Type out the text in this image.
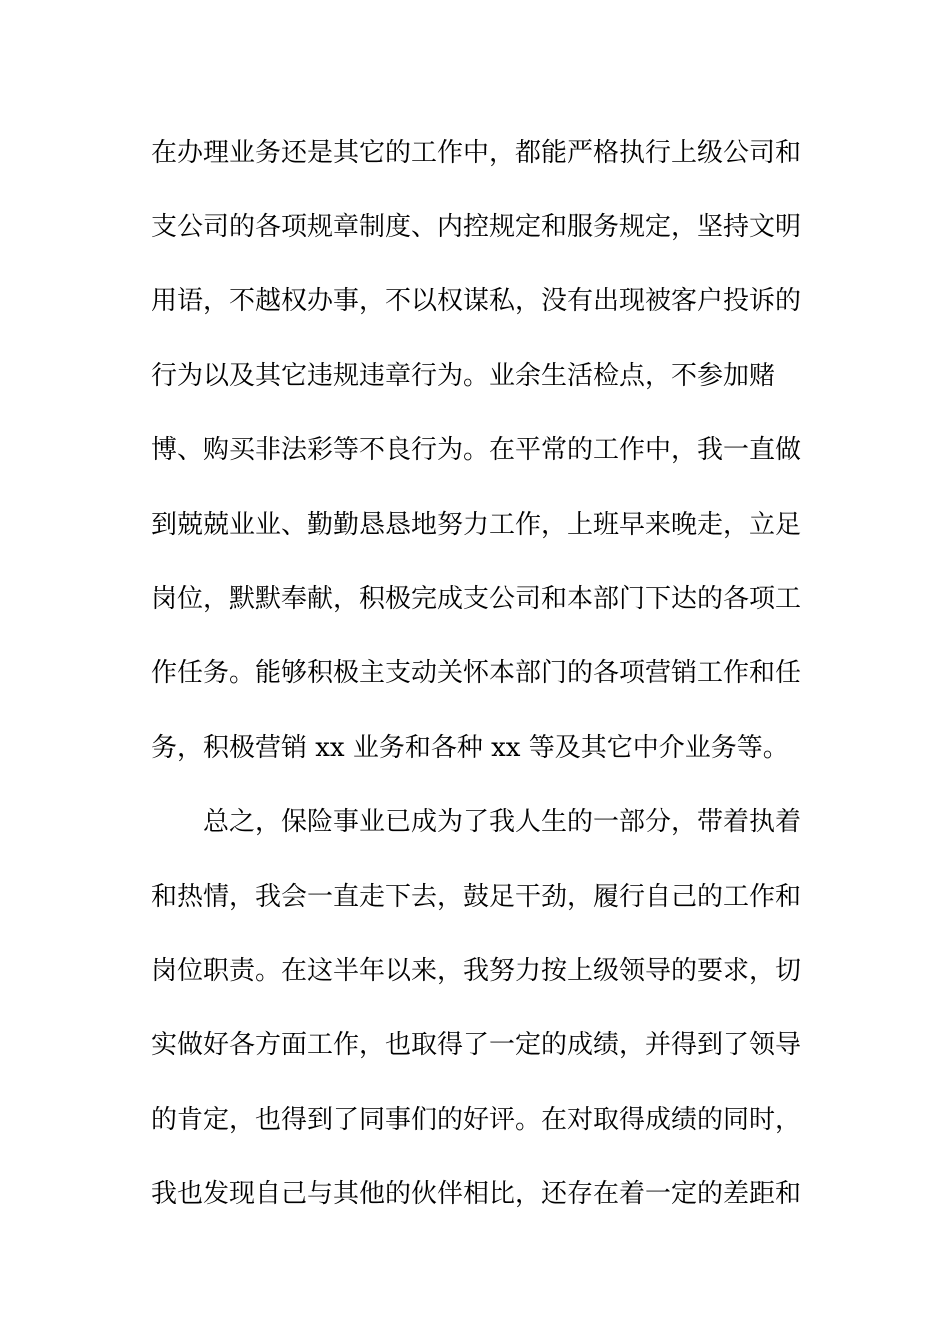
在办理业务还是其它的工作中，都能严格执行上级公司和
支公司的各项规章制度、内控规定和服务规定，坚持文明
用语，不越权办事，不以权谋私，没有出现被客户投诉的
行为以及其它违规违章行为。业余生活检点，不参加赌
博、购买非法彩等不良行为。在平常的工作中，我一直做
到兢兢业业、勤勤恳恳地努力工作，上班早来晚走，立足
岗位，默默奉献，积极完成支公司和本部门下达的各项工
作任务。能够积极主支动关怀本部门的各项营销工作和任
务，积极营销 xx 业务和各种 xx 等及其它中介业务等。
总之，保险事业已成为了我人生的一部分，带着执着
和热情，我会一直走下去，鼓足干劲，履行自己的工作和
岗位职责。在这半年以来，我努力按上级领导的要求，切
实做好各方面工作，也取得了一定的成绩，并得到了领导
的肯定，也得到了同事们的好评。在对取得成绩的同时，
我也发现自己与其他的伙伴相比，还存在着一定的差距和
